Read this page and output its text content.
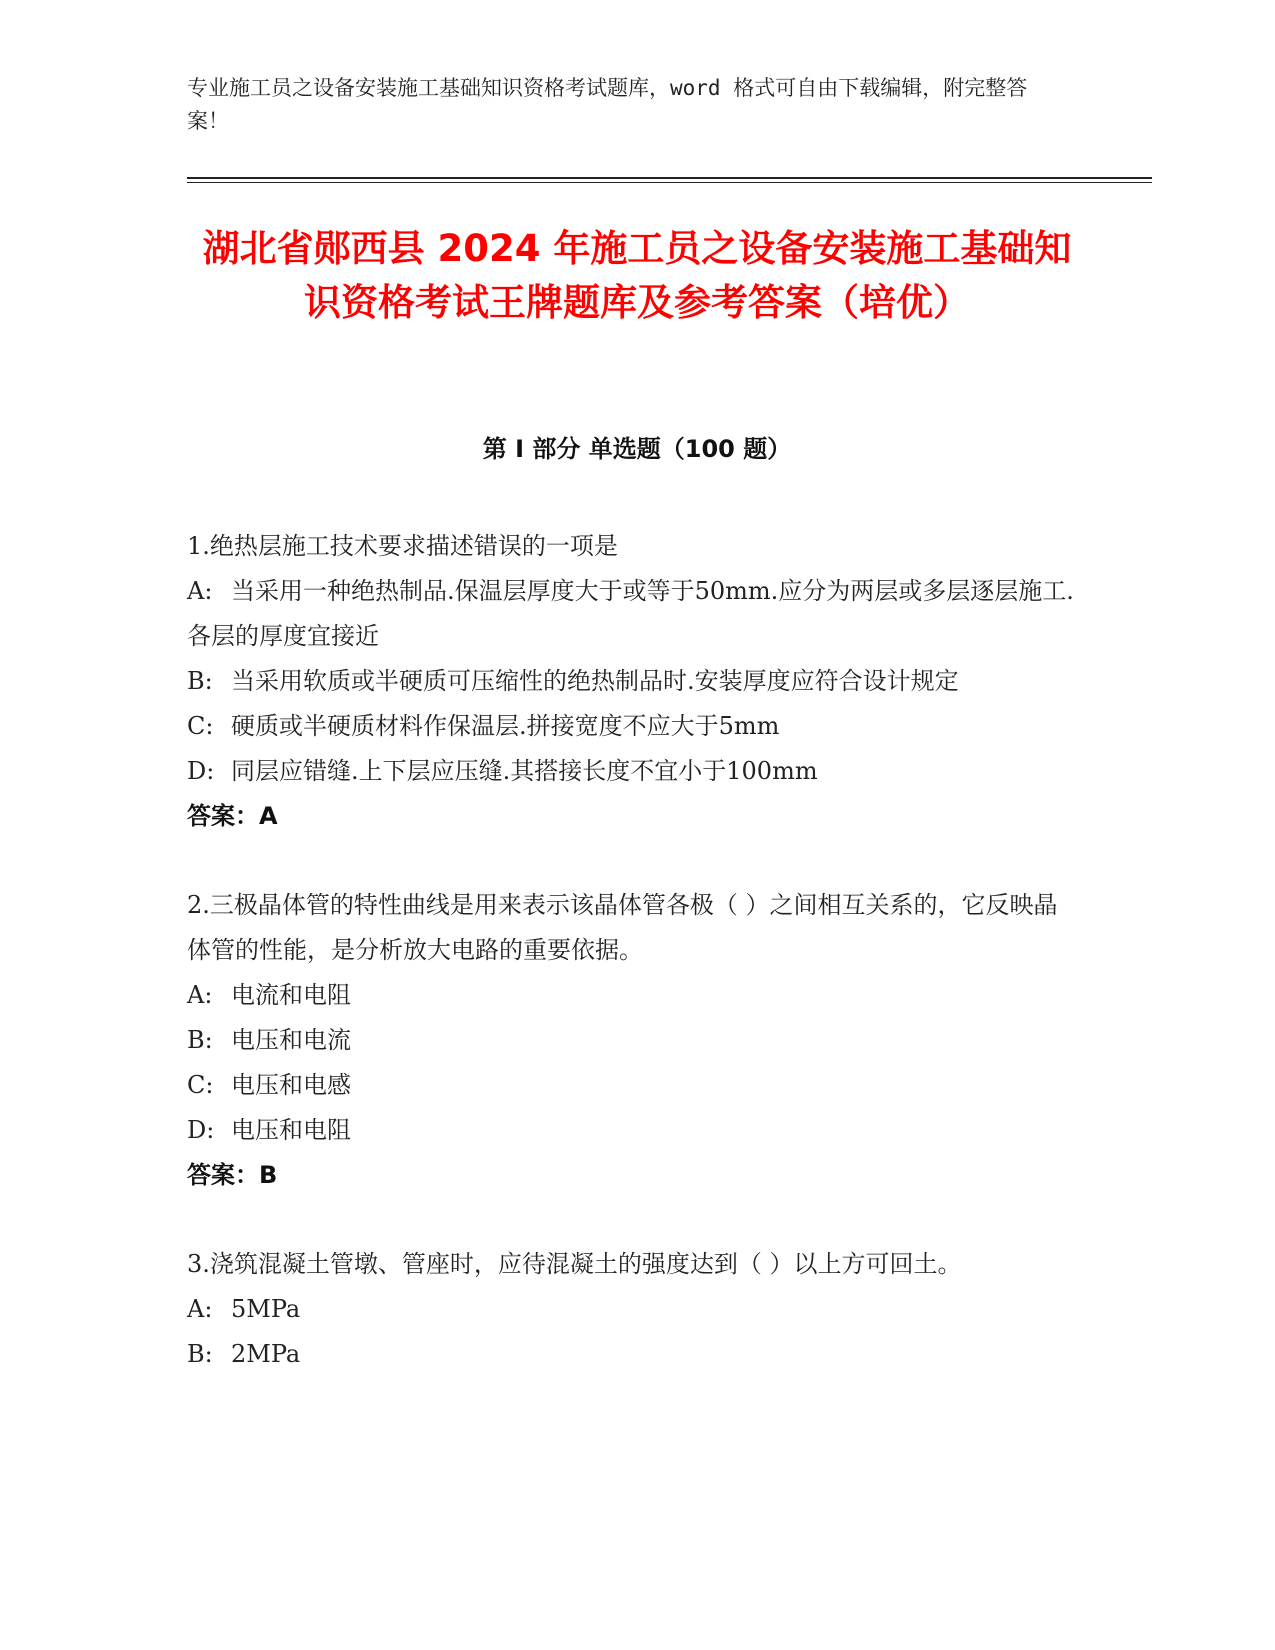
专业施工员之设备安装施工基础知识资格考试题库，word 格式可自由下载编辑，附完整答案！
湖北省郧西县 2024 年施工员之设备安装施工基础知识资格考试王牌题库及参考答案（培优）
第 I 部分 单选题（100 题）

1.绝热层施工技术要求描述错误的一项是

A: 当采用一种绝热制品.保温层厚度大于或等于50mm.应分为两层或多层逐层施工.各层的厚度宜接近

B: 当采用软质或半硬质可压缩性的绝热制品时.安装厚度应符合设计规定

C: 硬质或半硬质材料作保温层.拼接宽度不应大于5mm

D: 同层应错缝.上下层应压缝.其搭接长度不宜小于100mm

答案：A

2.三极晶体管的特性曲线是用来表示该晶体管各极（ ）之间相互关系的，它反映晶体管的性能，是分析放大电路的重要依据。

A: 电流和电阻

B: 电压和电流

C: 电压和电感

D: 电压和电阻

答案：B

3.浇筑混凝土管墩、管座时，应待混凝土的强度达到（ ）以上方可回土。

A: 5MPa

B: 2MPa
